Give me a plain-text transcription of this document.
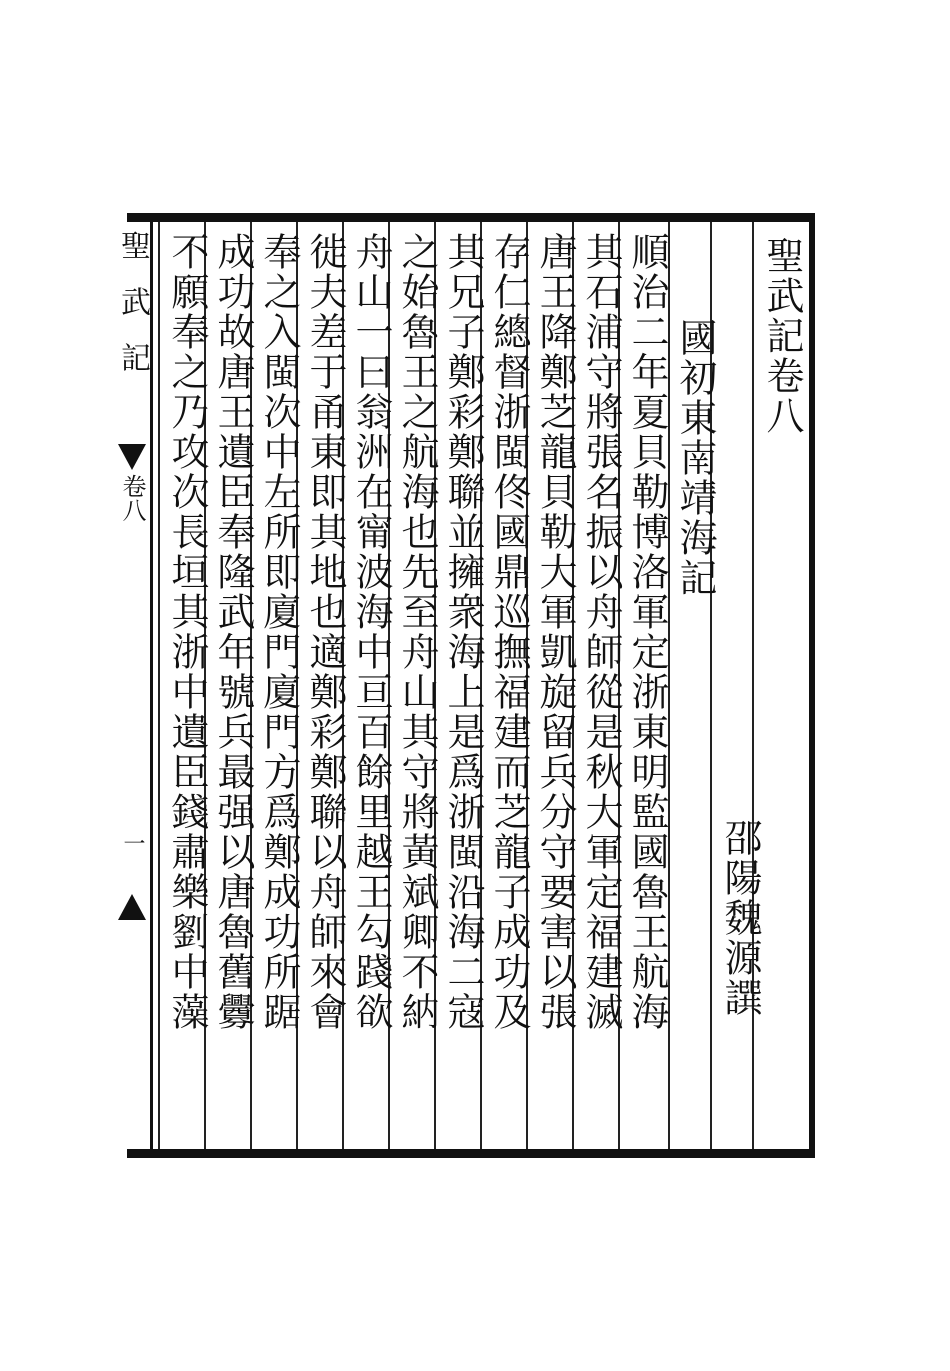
聖武記卷八
邵陽魏源譔
國初東南靖海記
順治二年夏貝勒博洛軍定浙東明監國魯王航海
其石浦守將張名振以舟師從是秋大軍定福建滅
唐王降鄭芝龍貝勒大軍凱旋留兵分守要害以張
存仁總督浙閩佟國鼎巡撫福建而芝龍子成功及
其兄子鄭彩鄭聯並擁衆海上是爲浙閩沿海二寇
之始魯王之航海也先至舟山其守將黃斌卿不納
舟山一曰翁洲在甯波海中亘百餘里越王勾踐欲
徙夫差于甬東即其地也適鄭彩鄭聯以舟師來會
奉之入閩次中左所即廈門廈門方爲鄭成功所踞
成功故唐王遺臣奉隆武年號兵最强以唐魯舊釁
不願奉之乃攻次長垣其浙中遺臣錢肅樂劉中藻
聖武記
卷八
一
